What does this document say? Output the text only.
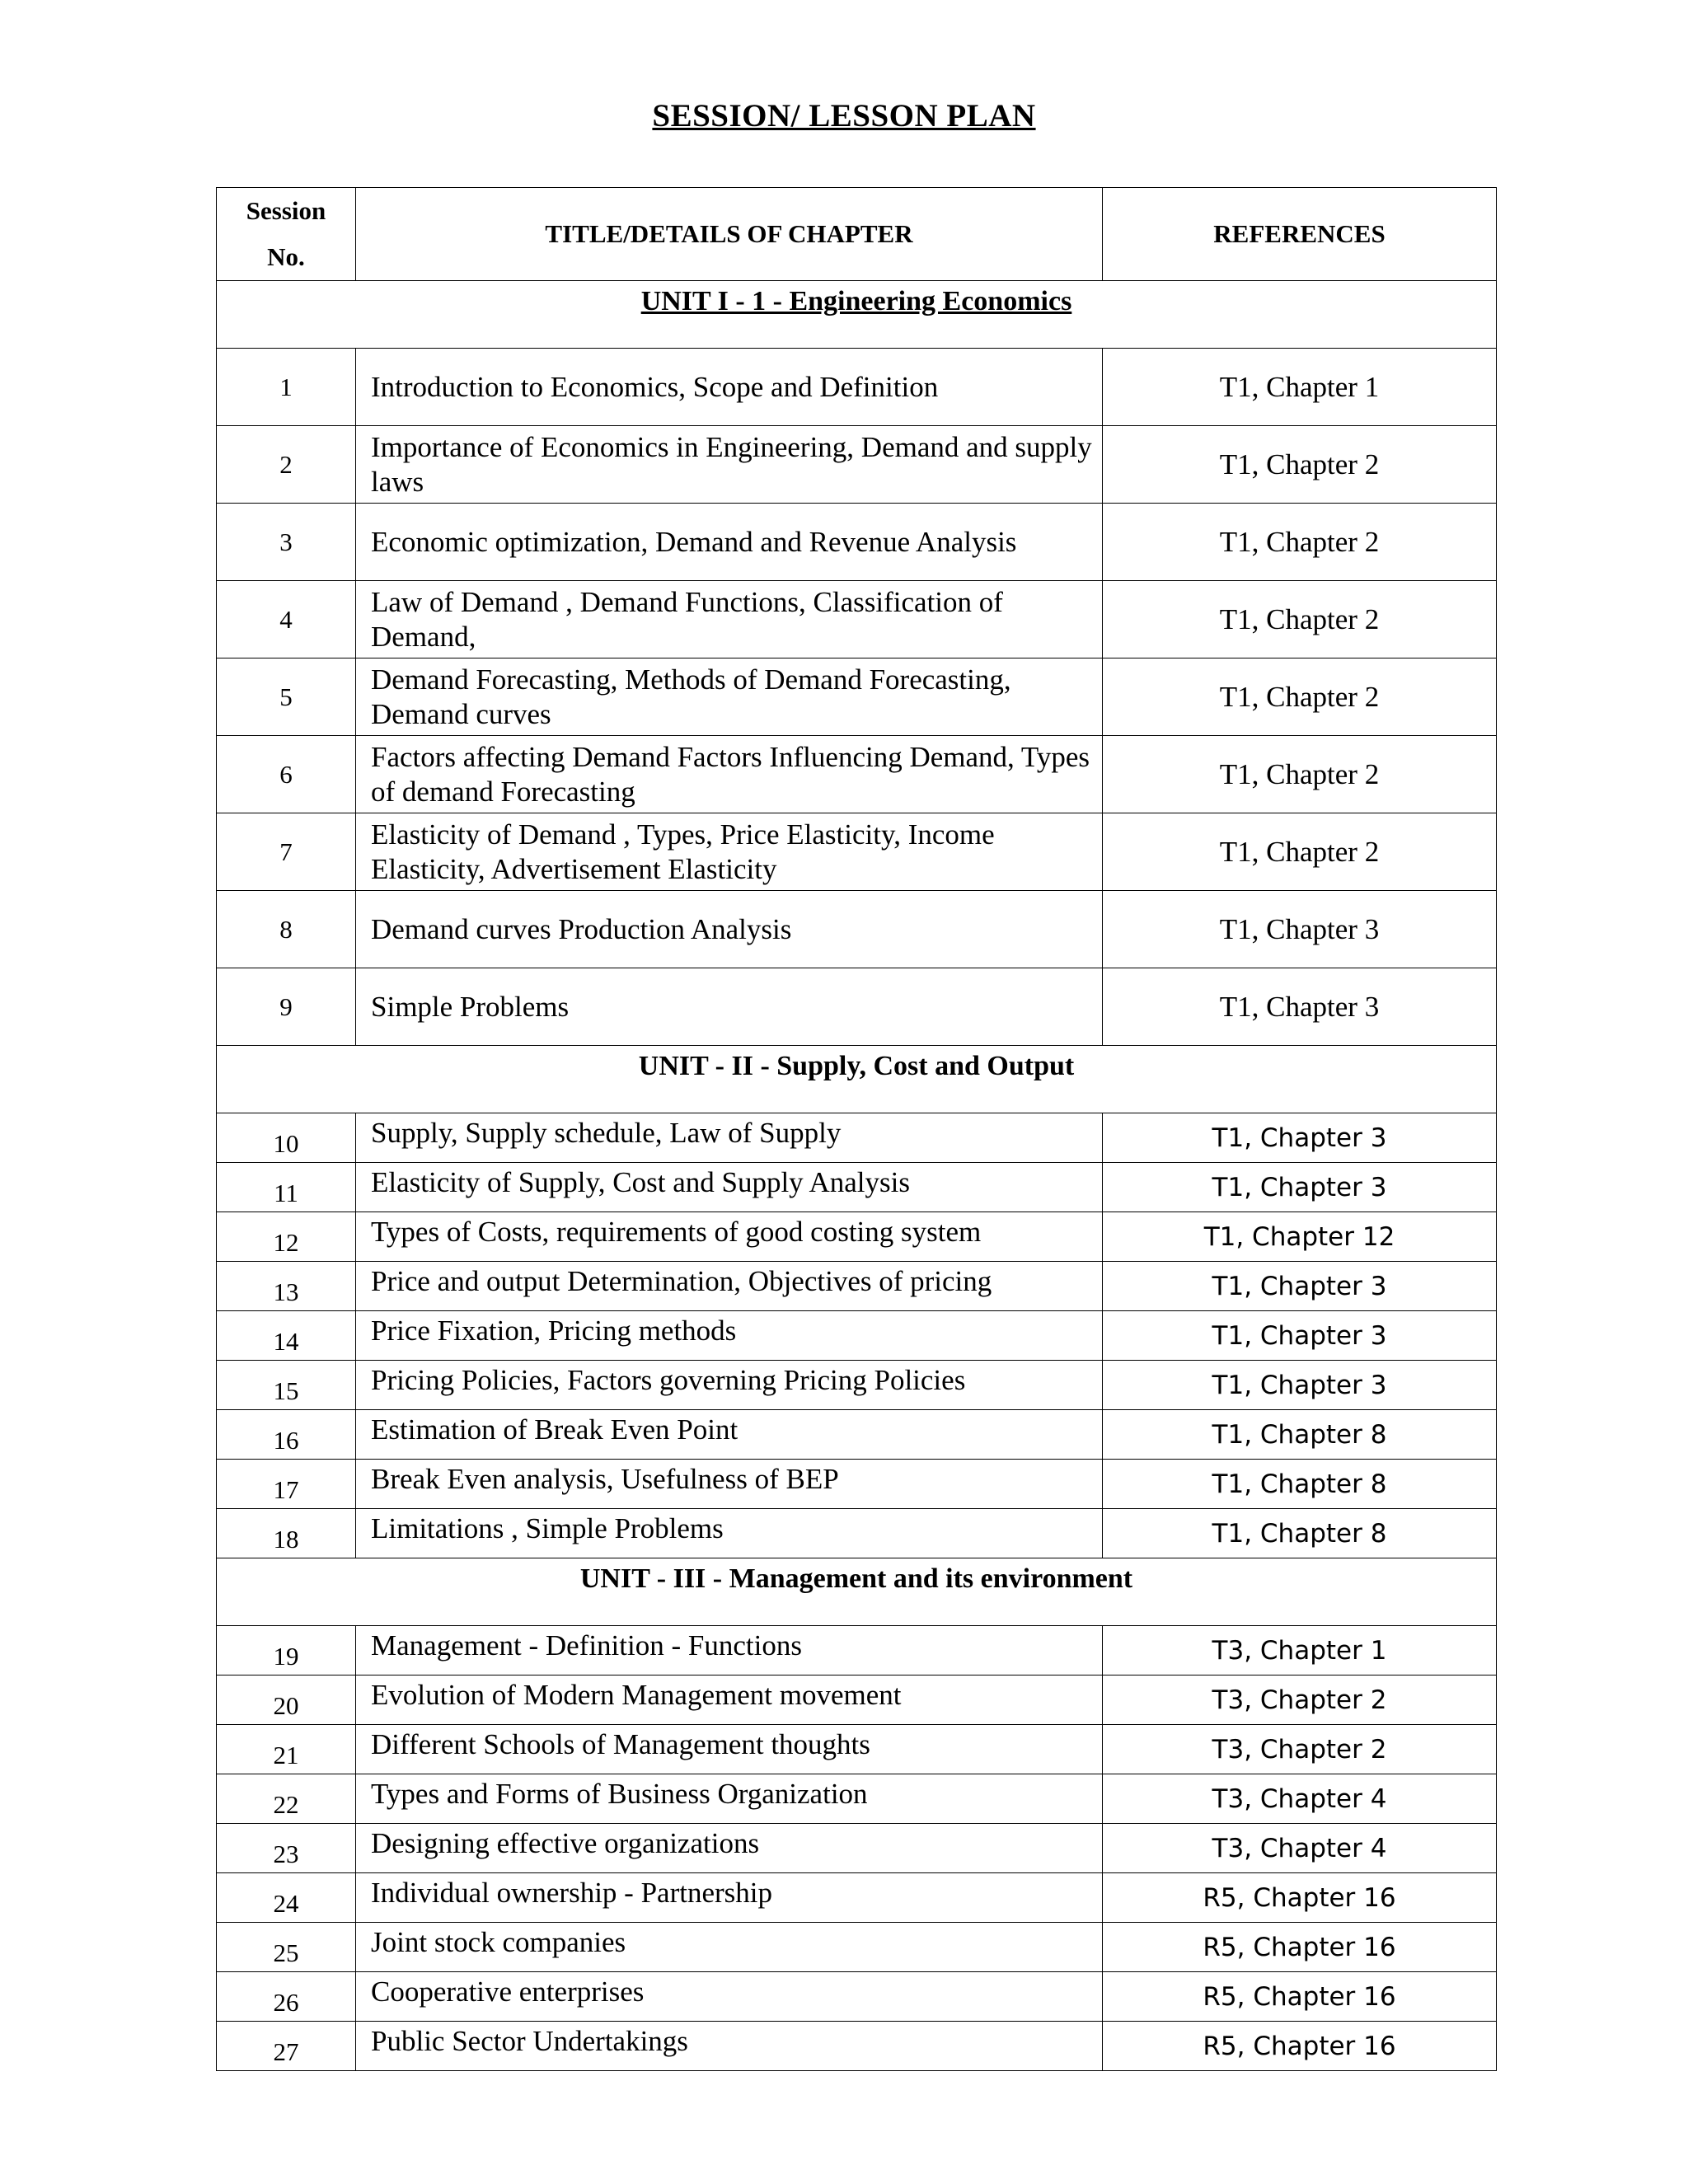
SESSION/ LESSON PLAN
Session
No.	TITLE/DETAILS OF CHAPTER	REFERENCES
UNIT I - 1 - Engineering Economics		
1	Introduction to Economics, Scope and Definition	T1, Chapter 1
2	Importance of Economics in Engineering, Demand and supply laws	T1, Chapter 2
3	Economic optimization, Demand and Revenue Analysis	T1, Chapter 2
4	Law of Demand , Demand Functions, Classification of Demand,	T1, Chapter 2
5	Demand Forecasting, Methods of Demand Forecasting, Demand curves	T1, Chapter 2
6	Factors affecting Demand Factors Influencing Demand, Types of demand Forecasting	T1, Chapter 2
7	Elasticity of Demand , Types, Price Elasticity, Income Elasticity, Advertisement Elasticity	T1, Chapter 2
8	Demand curves Production Analysis	T1, Chapter 3
9	Simple Problems	T1, Chapter 3
UNIT - II - Supply, Cost and Output		
10	Supply, Supply schedule, Law of Supply	T1, Chapter 3
11	Elasticity of Supply, Cost and Supply Analysis	T1, Chapter 3
12	Types of Costs, requirements of good costing system	T1, Chapter 12
13	Price and output Determination, Objectives of pricing	T1, Chapter 3
14	Price Fixation, Pricing methods	T1, Chapter 3
15	Pricing Policies, Factors governing Pricing Policies	T1, Chapter 3
16	Estimation of Break Even Point	T1, Chapter 8
17	Break Even analysis, Usefulness of BEP	T1, Chapter 8
18	Limitations , Simple Problems	T1, Chapter 8
UNIT - III - Management and its environment		
19	Management - Definition - Functions	T3, Chapter 1
20	Evolution of Modern Management movement	T3, Chapter 2
21	Different Schools of Management thoughts	T3, Chapter 2
22	Types and Forms of Business Organization	T3, Chapter 4
23	Designing effective organizations	T3, Chapter 4
24	Individual ownership - Partnership	R5, Chapter 16
25	Joint stock companies	R5, Chapter 16
26	Cooperative enterprises	R5, Chapter 16
27	Public Sector Undertakings	R5, Chapter 16
